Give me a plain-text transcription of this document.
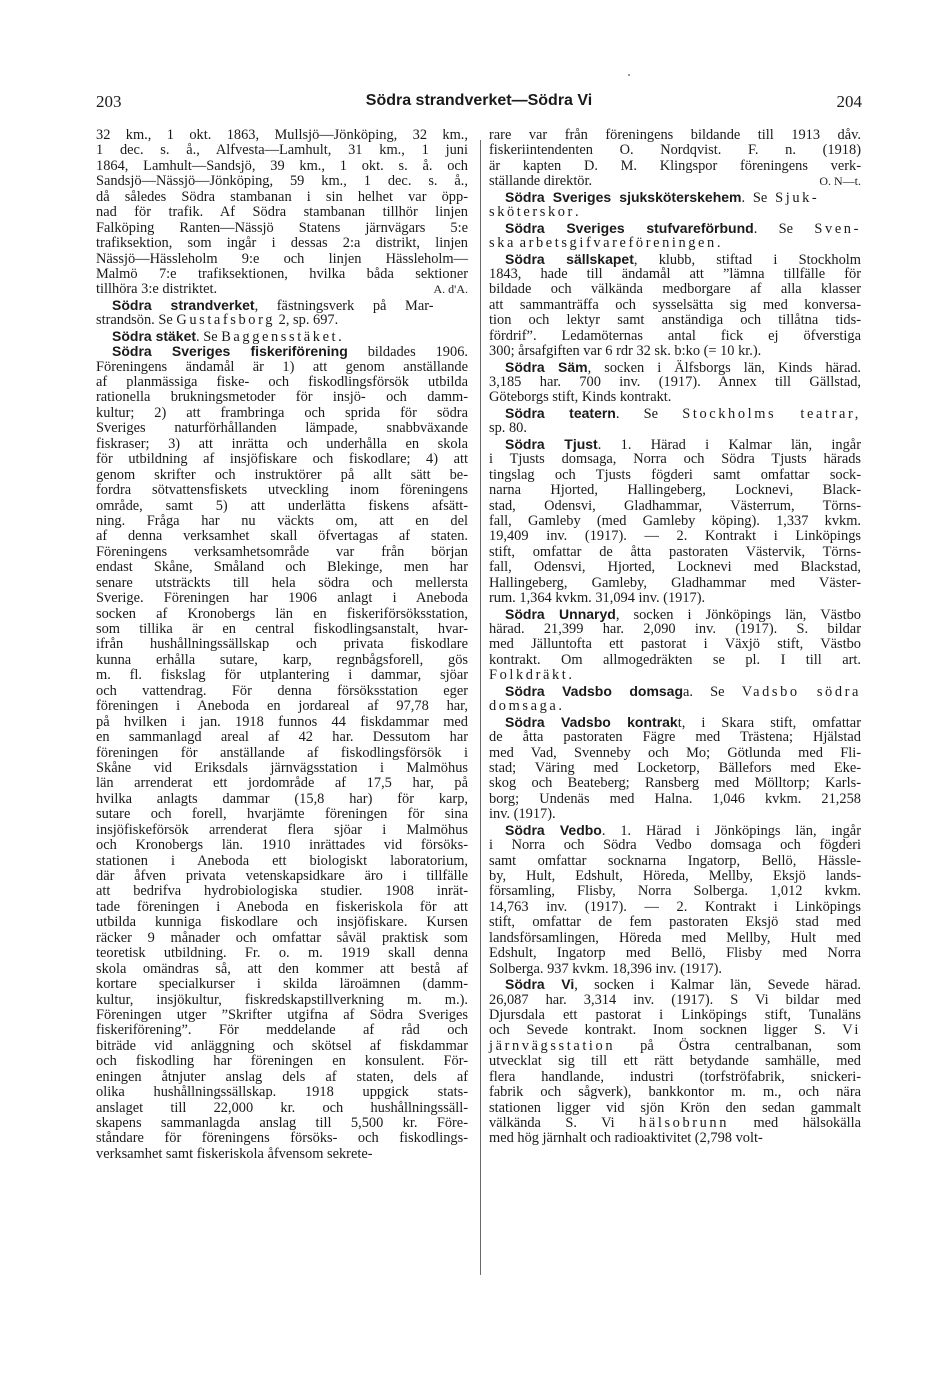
203	Södra strandverket—Södra Vi	204
32 km., 1 okt. 1863, Mullsjö—Jönköping, 32 km.,
1 dec. s. å., Alfvesta—Lamhult, 31 km., 1 juni
1864, Lamhult—Sandsjö, 39 km., 1 okt. s. å. och
Sandsjö—Nässjö—Jönköping, 59 km., 1 dec. s. å.,
då således Södra stambanan i sin helhet var öpp-
nad för trafik. Af Södra stambanan tillhör linjen
Falköping Ranten—Nässjö Statens järnvägars 5:e
trafiksektion, som ingår i dessas 2:a distrikt, linjen
Nässjö—Hässleholm 9:e och linjen Hässleholm—
Malmö 7:e trafiksektionen, hvilka båda sektioner
tillhöra 3:e distriktet.	A. d'A.
Södra strandverket, fästningsverk på Mar-
strandsön. Se Gustafsborg 2, sp. 697.
Södra stäket. Se Baggensstäket.
Södra Sveriges fiskeriförening bildades 1906.
Föreningens ändamål är 1) att genom anställande
af planmässiga fiske- och fiskodlingsförsök utbilda
rationella brukningsmetoder för insjö- och damm-
kultur; 2) att frambringa och sprida för södra
Sveriges naturförhållanden lämpade, snabbväxande
fiskraser; 3) att inrätta och underhålla en skola
för utbildning af insjöfiskare och fiskodlare; 4) att
genom skrifter och instruktörer på allt sätt be-
fordra sötvattensfiskets utveckling inom föreningens
område, samt 5) att underlätta fiskens afsätt-
ning. Fråga har nu väckts om, att en del
af denna verksamhet skall öfvertagas af staten.
Föreningens verksamhetsområde var från början
endast Skåne, Småland och Blekinge, men har
senare utsträckts till hela södra och mellersta
Sverige. Föreningen har 1906 anlagt i Aneboda
socken af Kronobergs län en fiskeriförsöksstation,
som tillika är en central fiskodlingsanstalt, hvar-
ifrån hushållningssällskap och privata fiskodlare
kunna erhålla sutare, karp, regnbågsforell, gös
m. fl. fiskslag för utplantering i dammar, sjöar
och vattendrag. För denna försöksstation eger
föreningen i Aneboda en jordareal af 97,78 har,
på hvilken i jan. 1918 funnos 44 fiskdammar med
en sammanlagd areal af 42 har. Dessutom har
föreningen för anställande af fiskodlingsförsök i
Skåne vid Eriksdals järnvägsstation i Malmöhus
län arrenderat ett jordområde af 17,5 har, på
hvilka anlagts dammar (15,8 har) för karp,
sutare och forell, hvarjämte föreningen för sina
insjöfiskeförsök arrenderat flera sjöar i Malmöhus
och Kronobergs län. 1910 inrättades vid försöks-
stationen i Aneboda ett biologiskt laboratorium,
där åfven privata vetenskapsidkare äro i tillfälle
att bedrifva hydrobiologiska studier. 1908 inrät-
tade föreningen i Aneboda en fiskeriskola för att
utbilda kunniga fiskodlare och insjöfiskare. Kursen
räcker 9 månader och omfattar såväl praktisk som
teoretisk utbildning. Fr. o. m. 1919 skall denna
skola omändras så, att den kommer att bestå af
kortare specialkurser i skilda läroämnen (damm-
kultur, insjökultur, fiskredskapstillverkning m. m.).
Föreningen utger ”Skrifter utgifna af Södra Sveriges
fiskeriförening”. För meddelande af råd och
biträde vid anläggning och skötsel af fiskdammar
och fiskodling har föreningen en konsulent. För-
eningen åtnjuter anslag dels af staten, dels af
olika hushållningssällskap. 1918 uppgick stats-
anslaget till 22,000 kr. och hushållningssäll-
skapens sammanlagda anslag till 5,500 kr. Före-
ståndare för föreningens försöks- och fiskodlings-
verksamhet samt fiskeriskola åfvensom sekrete-
rare var från föreningens bildande till 1913 dåv.
fiskeriintendenten O. Nordqvist. F. n. (1918)
är kapten D. M. Klingspor föreningens verk-
ställande direktör.	O. N—t.
Södra Sveriges sjuksköterskehem. Se Sjuk-
sköterskor.
Södra Sveriges stufvareförbund. Se Sven-
ska arbetsgifvareföreningen.
Södra sällskapet, klubb, stiftad i Stockholm
1843, hade till ändamål att ”lämna tillfälle för
bildade och välkända medborgare af alla klasser
att sammanträffa och sysselsätta sig med konversa-
tion och lektyr samt anständiga och tillåtna tids-
fördrif”. Ledamöternas antal fick ej öfverstiga
300; årsafgiften var 6 rdr 32 sk. b:ko (= 10 kr.).
Södra Säm, socken i Älfsborgs län, Kinds härad.
3,185 har. 700 inv. (1917). Annex till Gällstad,
Göteborgs stift, Kinds kontrakt.
Södra teatern. Se Stockholms teatrar,
sp. 80.
Södra Tjust. 1. Härad i Kalmar län, ingår
i Tjusts domsaga, Norra och Södra Tjusts härads
tingslag och Tjusts fögderi samt omfattar sock-
narna Hjorted, Hallingeberg, Locknevi, Black-
stad, Odensvi, Gladhammar, Västerrum, Törns-
fall, Gamleby (med Gamleby köping). 1,337 kvkm.
19,409 inv. (1917). — 2. Kontrakt i Linköpings
stift, omfattar de åtta pastoraten Västervik, Törns-
fall, Odensvi, Hjorted, Locknevi med Blackstad,
Hallingeberg, Gamleby, Gladhammar med Väster-
rum. 1,364 kvkm. 31,094 inv. (1917).
Södra Unnaryd, socken i Jönköpings län, Västbo
härad. 21,399 har. 2,090 inv. (1917). S. bildar
med Jälluntofta ett pastorat i Växjö stift, Västbo
kontrakt. Om allmogedräkten se pl. I till art.
Folkdräkt.
Södra Vadsbo domsaga. Se Vadsbo södra
domsaga.
Södra Vadsbo kontrakt, i Skara stift, omfattar
de åtta pastoraten Fägre med Trästena; Hjälstad
med Vad, Svenneby och Mo; Götlunda med Fli-
stad; Väring med Locketorp, Bällefors med Eke-
skog och Beateberg; Ransberg med Mölltorp; Karls-
borg; Undenäs med Halna. 1,046 kvkm. 21,258
inv. (1917).
Södra Vedbo. 1. Härad i Jönköpings län, ingår
i Norra och Södra Vedbo domsaga och fögderi
samt omfattar socknarna Ingatorp, Bellö, Hässle-
by, Hult, Edshult, Höreda, Mellby, Eksjö lands-
församling, Flisby, Norra Solberga. 1,012 kvkm.
14,763 inv. (1917). — 2. Kontrakt i Linköpings
stift, omfattar de fem pastoraten Eksjö stad med
landsförsamlingen, Höreda med Mellby, Hult med
Edshult, Ingatorp med Bellö, Flisby med Norra
Solberga. 937 kvkm. 18,396 inv. (1917).
Södra Vi, socken i Kalmar län, Sevede härad.
26,087 har. 3,314 inv. (1917). S Vi bildar med
Djursdala ett pastorat i Linköpings stift, Tunaläns
och Sevede kontrakt. Inom socknen ligger S. Vi
järnvägsstation på Östra centralbanan, som
utvecklat sig till ett rätt betydande samhälle, med
flera handlande, industri (torfströfabrik, snickeri-
fabrik och sågverk), bankkontor m. m., och nära
stationen ligger vid sjön Krön den sedan gammalt
välkända S. Vi hälsobrunn med hälsokälla
med hög järnhalt och radioaktivitet (2,798 volt-
